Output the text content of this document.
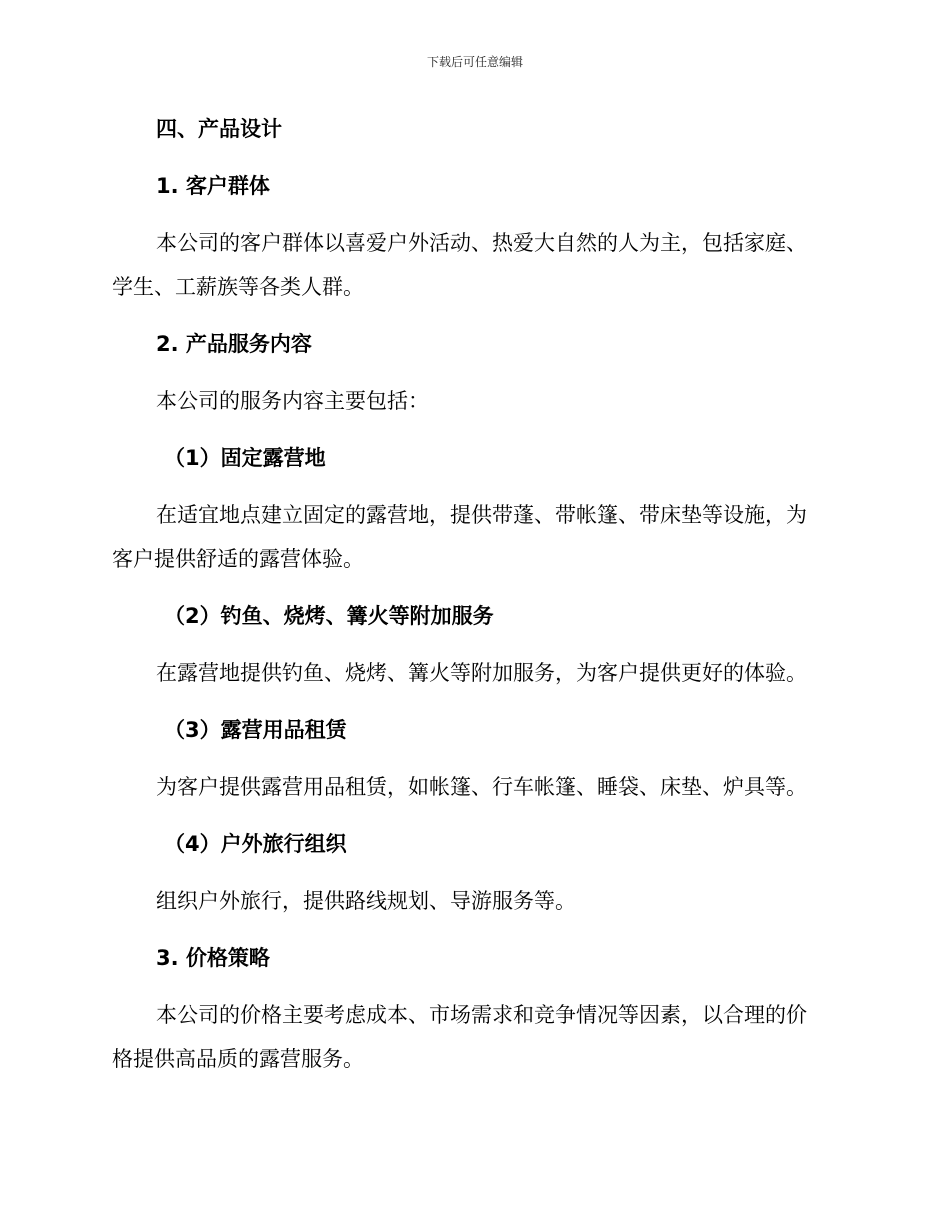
下载后可任意编辑
四、产品设计
1. 客户群体
本公司的客户群体以喜爱户外活动、热爱大自然的人为主，包括家庭、
学生、工薪族等各类人群。
2. 产品服务内容
本公司的服务内容主要包括：
（1）固定露营地
在适宜地点建立固定的露营地，提供带蓬、带帐篷、带床垫等设施，为
客户提供舒适的露营体验。
（2）钓鱼、烧烤、篝火等附加服务
在露营地提供钓鱼、烧烤、篝火等附加服务，为客户提供更好的体验。
（3）露营用品租赁
为客户提供露营用品租赁，如帐篷、行车帐篷、睡袋、床垫、炉具等。
（4）户外旅行组织
组织户外旅行，提供路线规划、导游服务等。
3. 价格策略
本公司的价格主要考虑成本、市场需求和竞争情况等因素，以合理的价
格提供高品质的露营服务。
